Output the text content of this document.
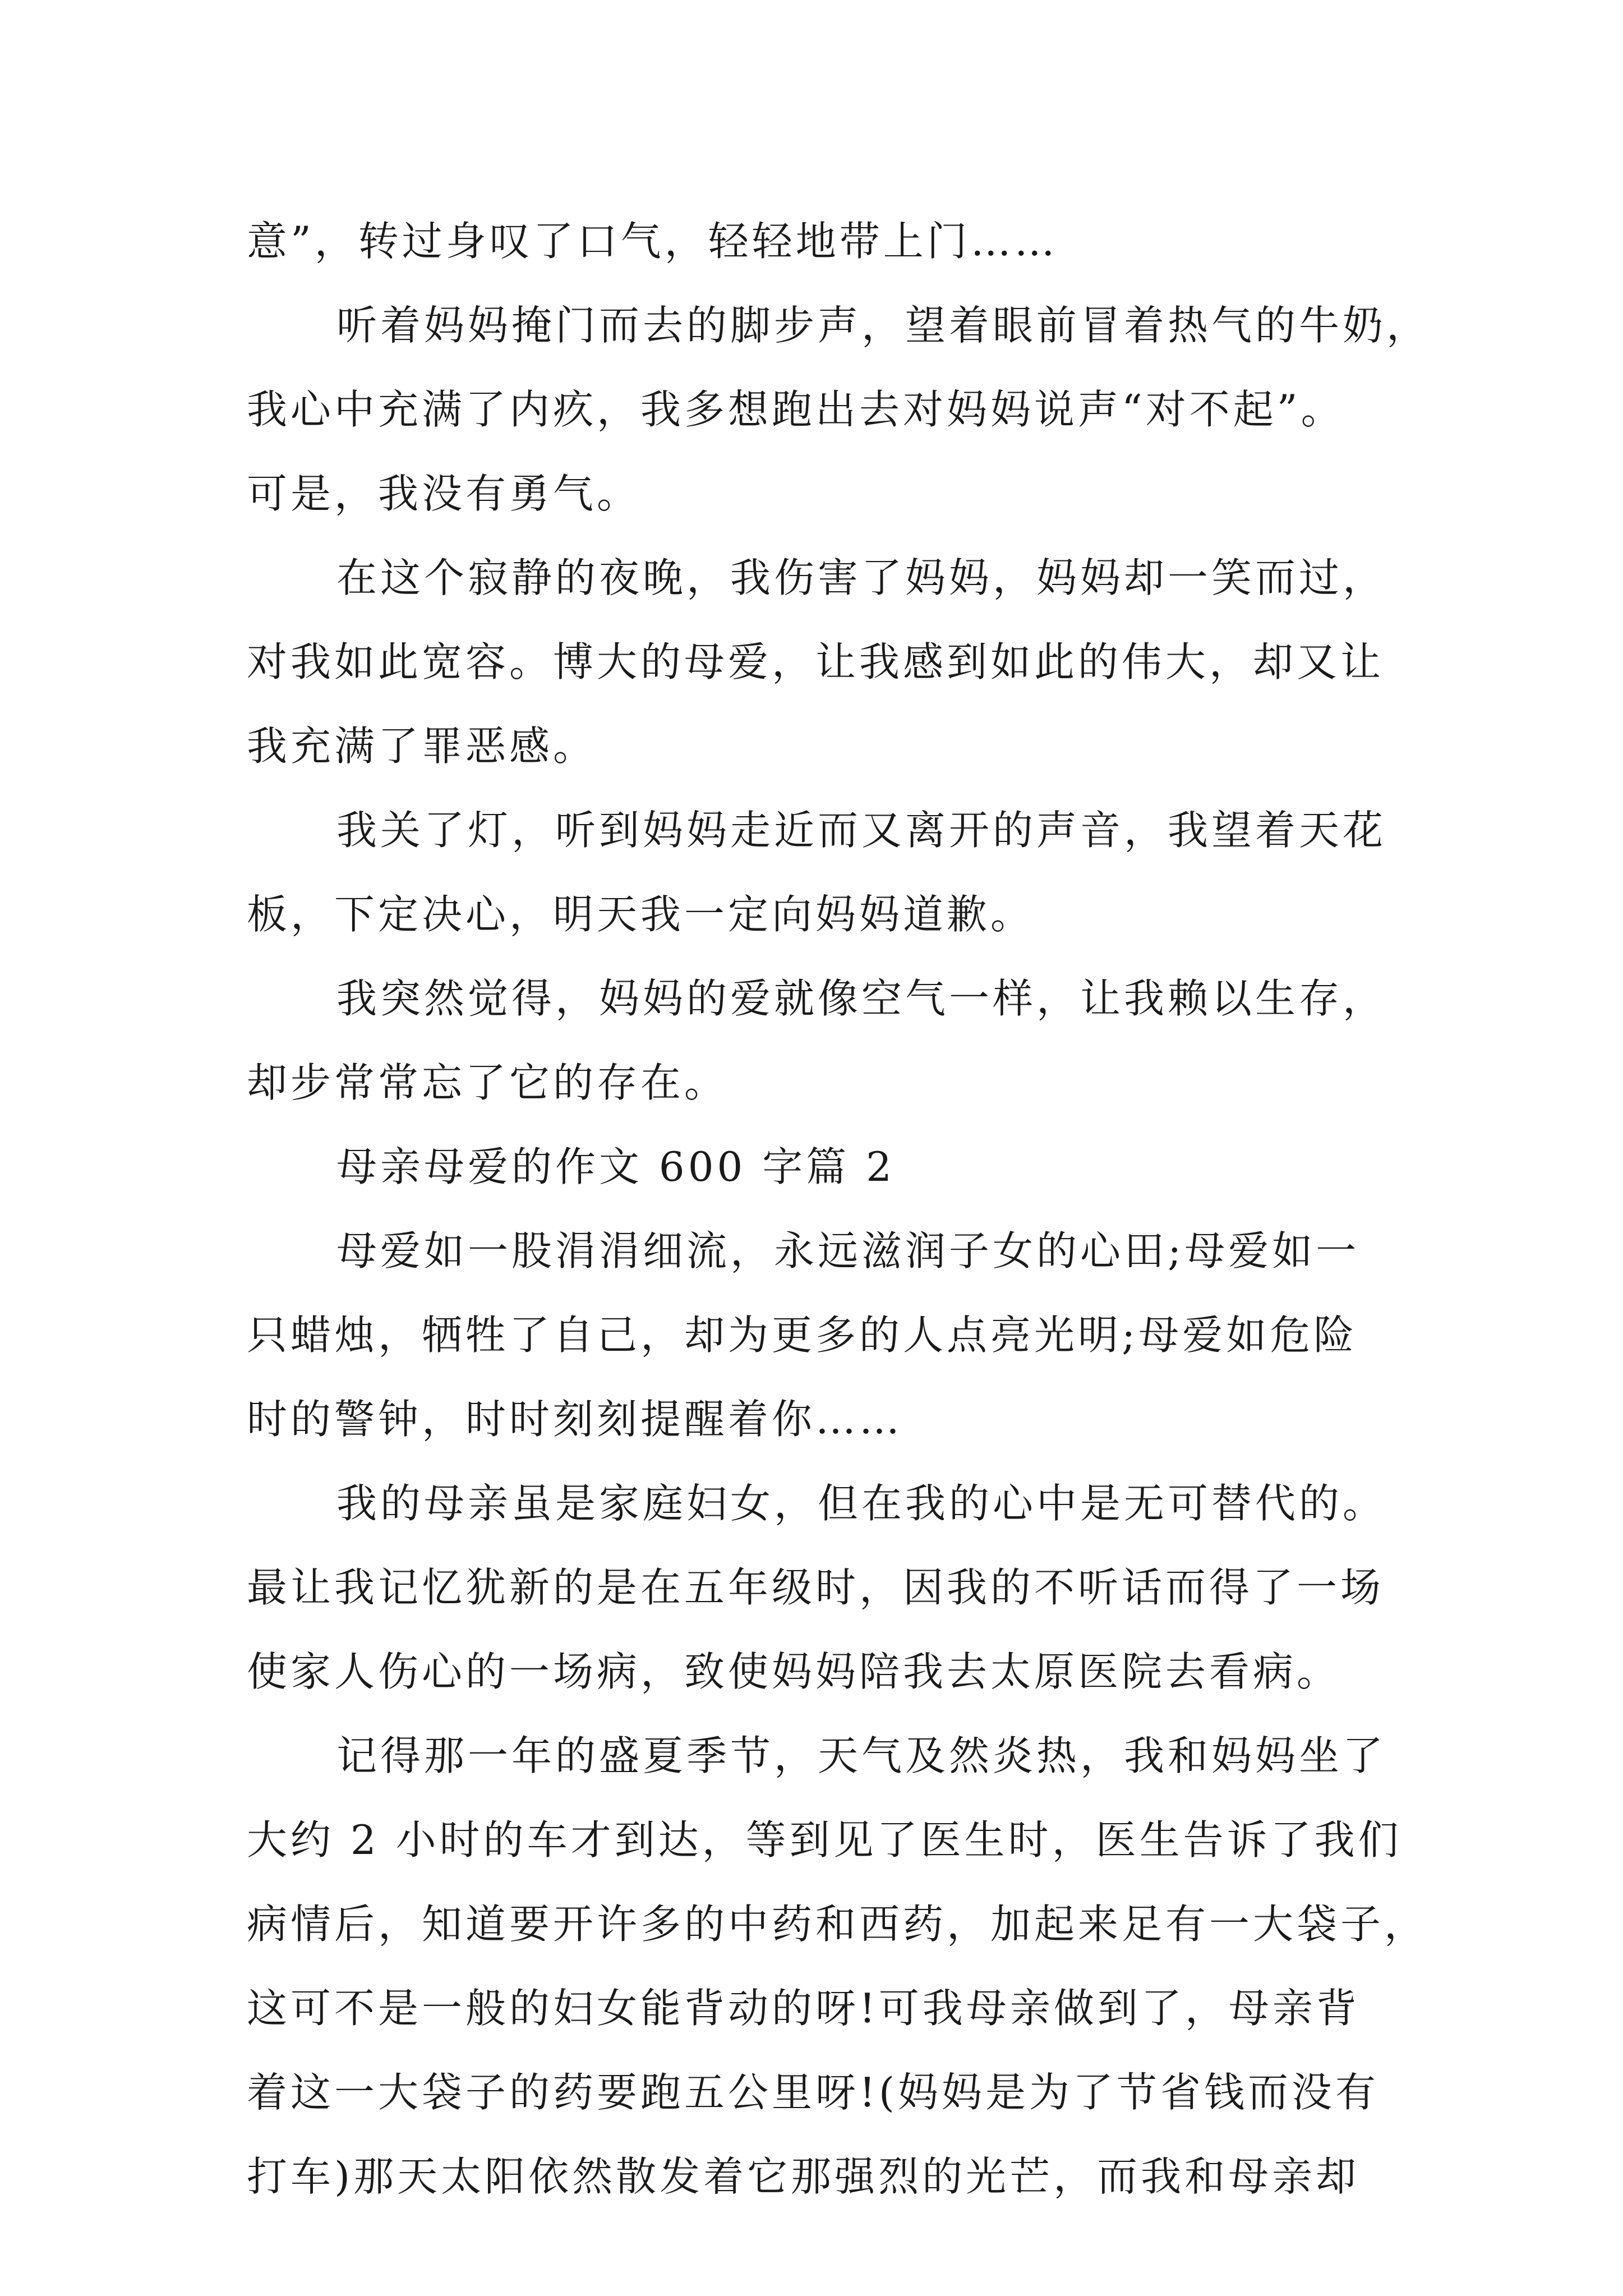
意”，转过身叹了口气，轻轻地带上门……
听着妈妈掩门而去的脚步声，望着眼前冒着热气的牛奶，
我心中充满了内疚，我多想跑出去对妈妈说声“对不起”。
可是，我没有勇气。
在这个寂静的夜晚，我伤害了妈妈，妈妈却一笑而过，
对我如此宽容。博大的母爱，让我感到如此的伟大，却又让
我充满了罪恶感。
我关了灯，听到妈妈走近而又离开的声音，我望着天花
板，下定决心，明天我一定向妈妈道歉。
我突然觉得，妈妈的爱就像空气一样，让我赖以生存，
却步常常忘了它的存在。
母亲母爱的作文 600 字篇 2
母爱如一股涓涓细流，永远滋润子女的心田;母爱如一
只蜡烛，牺牲了自己，却为更多的人点亮光明;母爱如危险
时的警钟，时时刻刻提醒着你……
我的母亲虽是家庭妇女，但在我的心中是无可替代的。
最让我记忆犹新的是在五年级时，因我的不听话而得了一场
使家人伤心的一场病，致使妈妈陪我去太原医院去看病。
记得那一年的盛夏季节，天气及然炎热，我和妈妈坐了
大约 2 小时的车才到达，等到见了医生时，医生告诉了我们
病情后，知道要开许多的中药和西药，加起来足有一大袋子，
这可不是一般的妇女能背动的呀!可我母亲做到了，母亲背
着这一大袋子的药要跑五公里呀!(妈妈是为了节省钱而没有
打车)那天太阳依然散发着它那强烈的光芒，而我和母亲却
